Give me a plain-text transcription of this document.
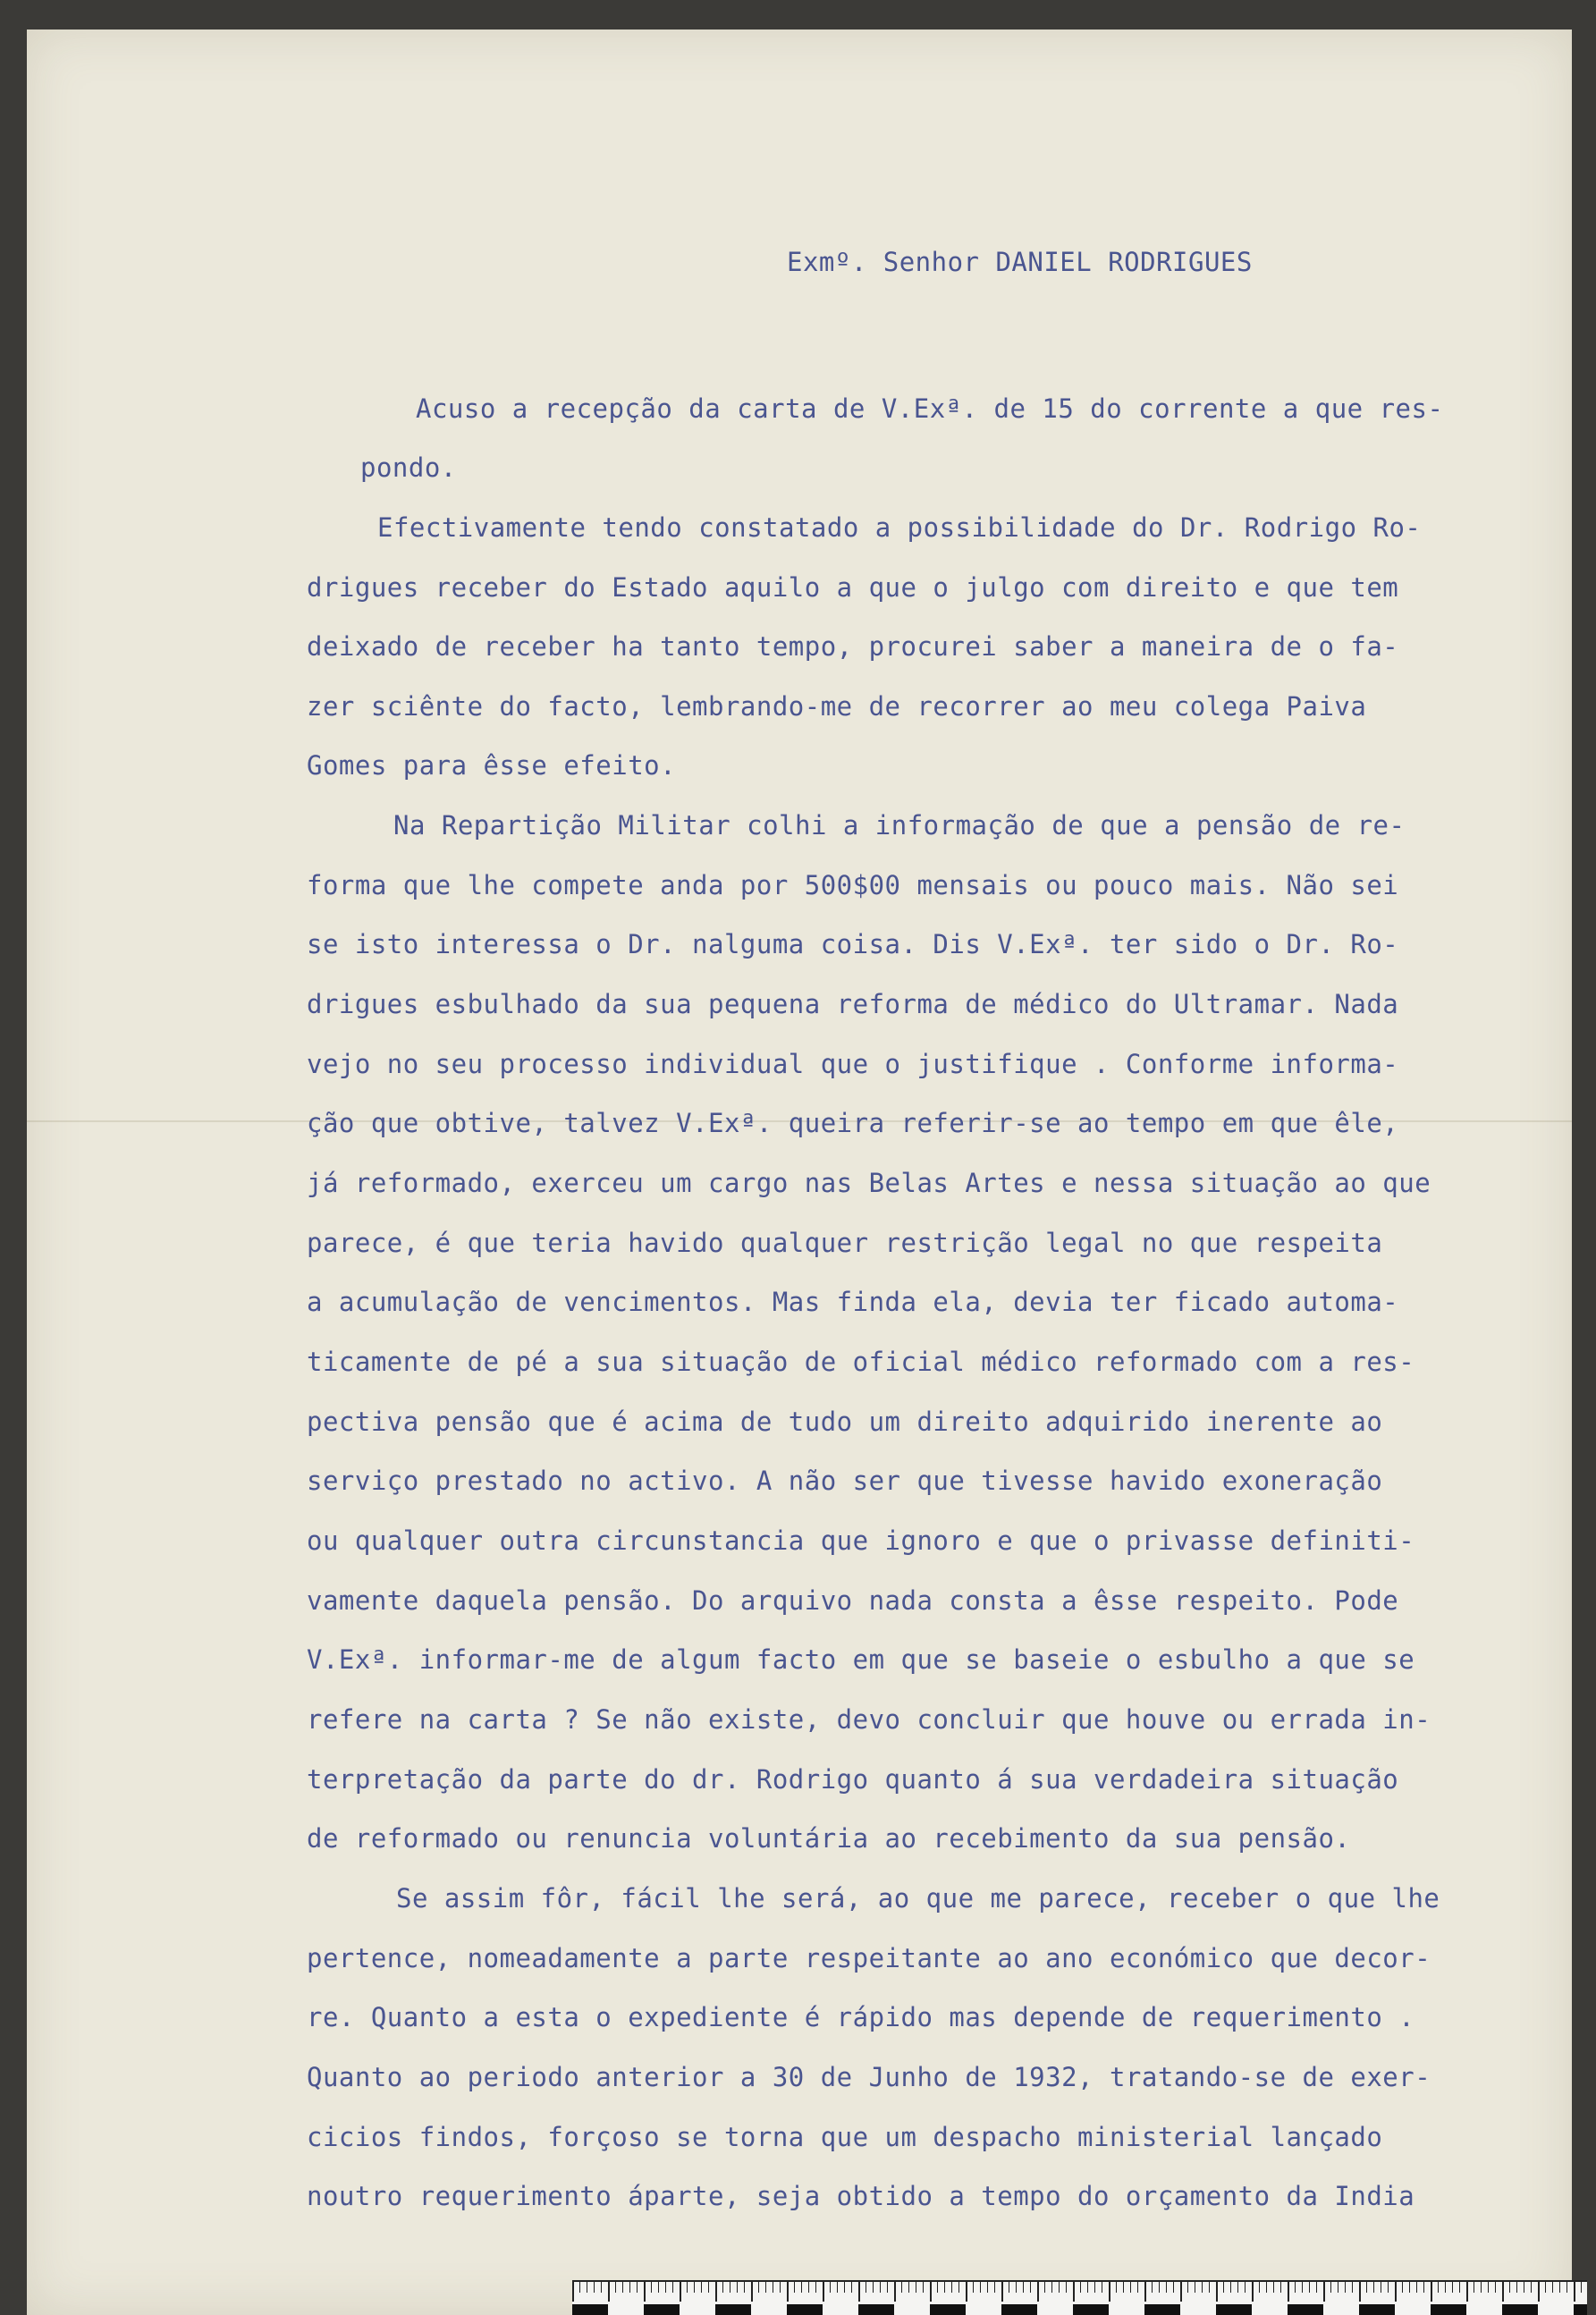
Exmº. Senhor DANIEL RODRIGUES
Acuso a recepção da carta de V.Exª. de 15 do corrente a que res-
pondo.
Efectivamente tendo constatado a possibilidade do Dr. Rodrigo Ro-
drigues receber do Estado aquilo a que o julgo com direito e que tem
deixado de receber ha tanto tempo, procurei saber a maneira de o fa-
zer sciênte do facto, lembrando-me de recorrer ao meu colega Paiva
Gomes para êsse efeito.
Na Repartição Militar colhi a informação de que a pensão de re-
forma que lhe compete anda por 500$00 mensais ou pouco mais. Não sei
se isto interessa o Dr. nalguma coisa. Dis V.Exª. ter sido o Dr. Ro-
drigues esbulhado da sua pequena reforma de médico do Ultramar. Nada
vejo no seu processo individual que o justifique . Conforme informa-
ção que obtive, talvez V.Exª. queira referir-se ao tempo em que êle,
já reformado, exerceu um cargo nas Belas Artes e nessa situação ao que
parece, é que teria havido qualquer restrição legal no que respeita
a acumulação de vencimentos. Mas finda ela, devia ter ficado automa-
ticamente de pé a sua situação de oficial médico reformado com a res-
pectiva pensão que é acima de tudo um direito adquirido inerente ao
serviço prestado no activo. A não ser que tivesse havido exoneração
ou qualquer outra circunstancia que ignoro e que o privasse definiti-
vamente daquela pensão. Do arquivo nada consta a êsse respeito. Pode
V.Exª. informar-me de algum facto em que se baseie o esbulho a que se
refere na carta ? Se não existe, devo concluir que houve ou errada in-
terpretação da parte do dr. Rodrigo quanto á sua verdadeira situação
de reformado ou renuncia voluntária ao recebimento da sua pensão.
Se assim fôr, fácil lhe será, ao que me parece, receber o que lhe
pertence, nomeadamente a parte respeitante ao ano económico que decor-
re. Quanto a esta o expediente é rápido mas depende de requerimento .
Quanto ao periodo anterior a 30 de Junho de 1932, tratando-se de exer-
cicios findos, forçoso se torna que um despacho ministerial lançado
noutro requerimento áparte, seja obtido a tempo do orçamento da India
